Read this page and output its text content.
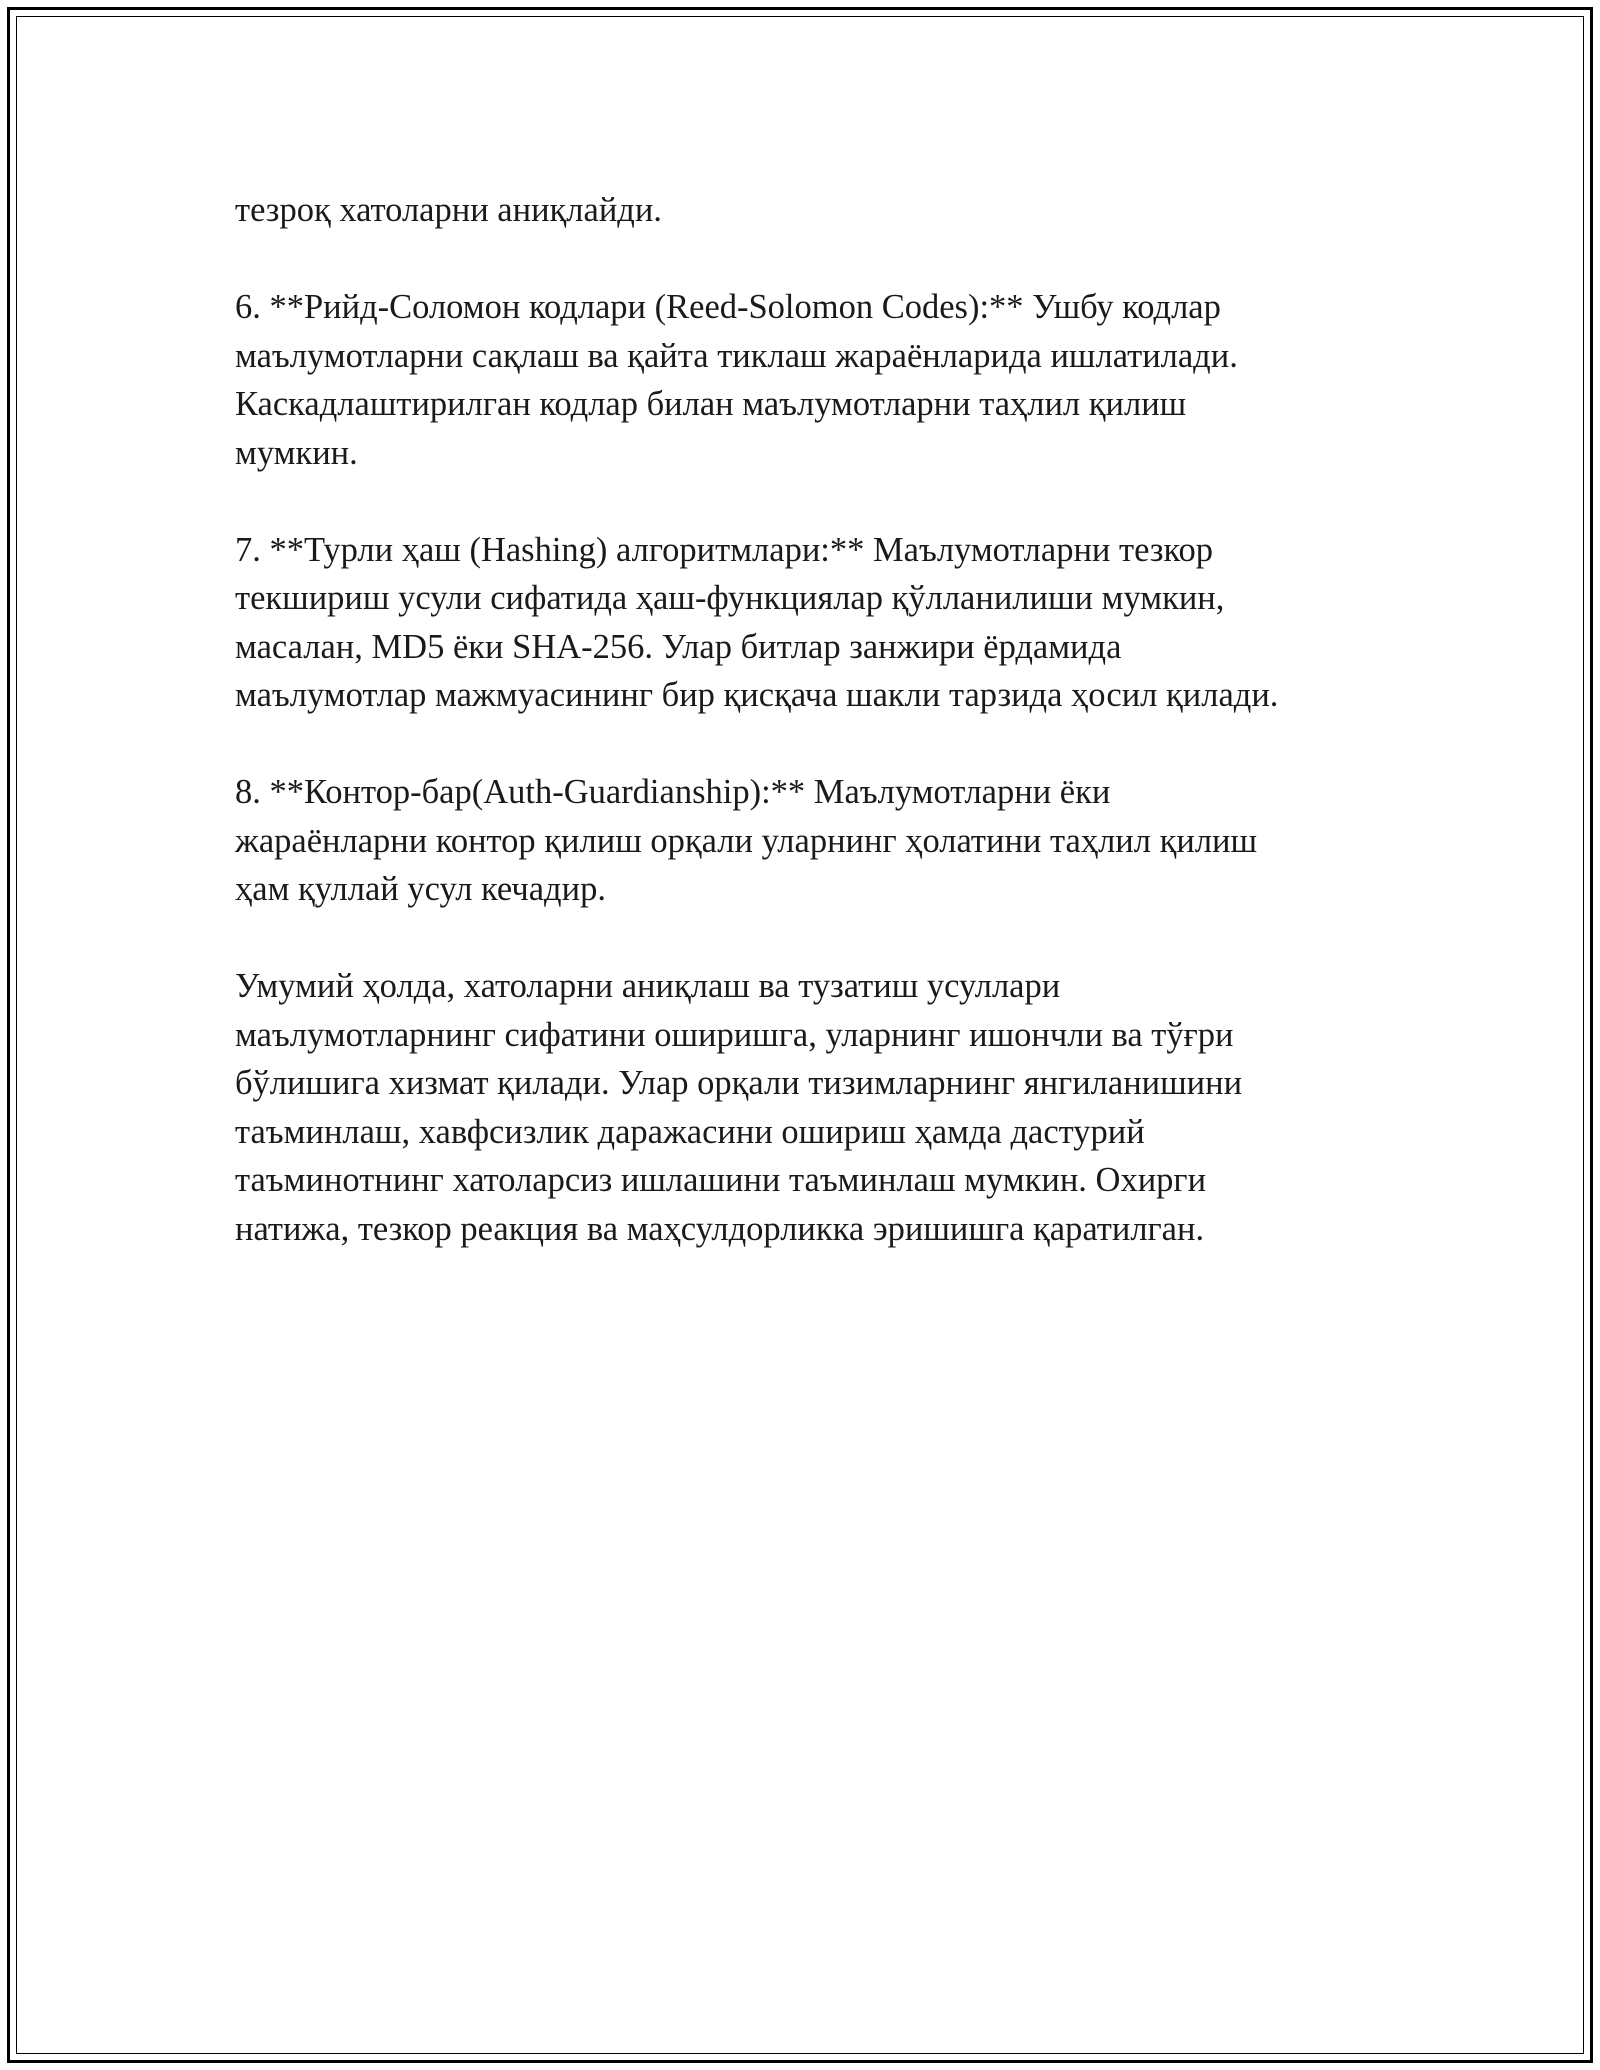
тезроқ хатоларни аниқлайди.

6. **Рийд-Соломон кодлари (Reed-Solomon Codes):** Ушбу кодлар
маълумотларни сақлаш ва қайта тиклаш жараёнларида ишлатилади.
Каскадлаштирилган кодлар билан маълумотларни таҳлил қилиш
мумкин.

7. **Турли ҳаш (Hashing) алгоритмлари:** Маълумотларни тезкор
текшириш усули сифатида ҳаш-функциялар қўлланилиши мумкин,
масалан, MD5 ёки SHA-256. Улар битлар занжири ёрдамида
маълумотлар мажмуасининг бир қисқача шакли тарзида ҳосил қилади.

8. **Контор-бар(Auth-Guardianship):** Маълумотларни ёки
жараёнларни контор қилиш орқали уларнинг ҳолатини таҳлил қилиш
ҳам қуллай усул кечадир.

Умумий ҳолда, хатоларни аниқлаш ва тузатиш усуллари
маълумотларнинг сифатини оширишга, уларнинг ишончли ва тўғри
бўлишига хизмат қилади. Улар орқали тизимларнинг янгиланишини
таъминлаш, хавфсизлик даражасини ошириш ҳамда дастурий
таъминотнинг хатоларсиз ишлашини таъминлаш мумкин. Охирги
натижа, тезкор реакция ва маҳсулдорликка эришишга қаратилган.
